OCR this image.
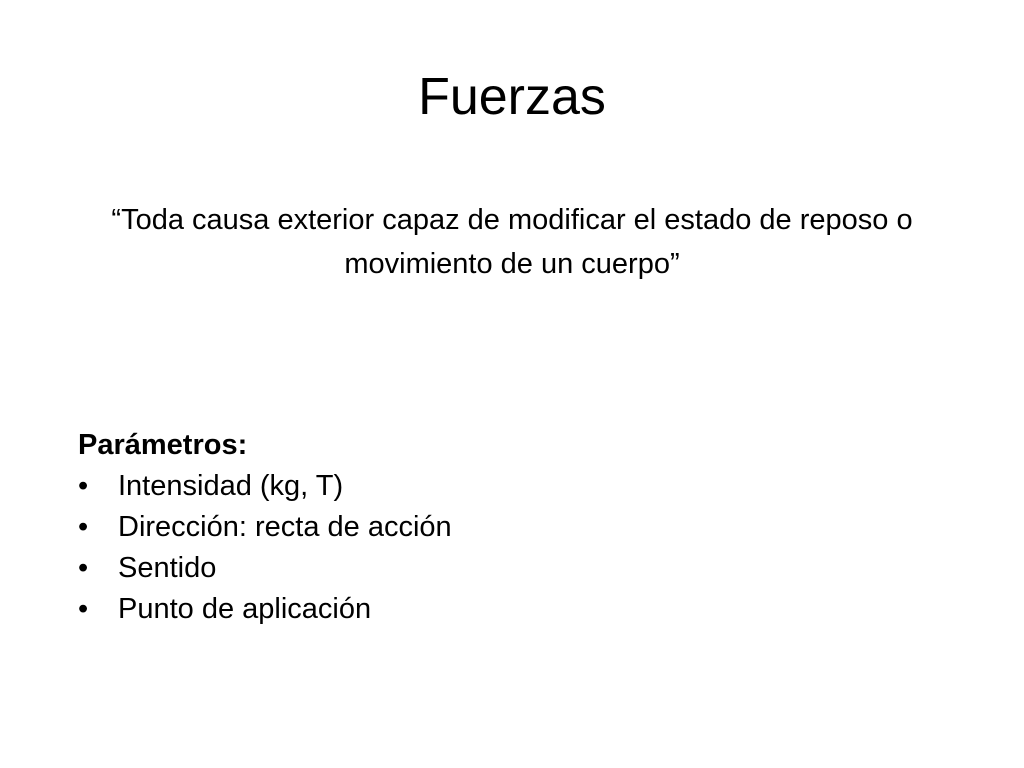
Fuerzas

“Toda causa exterior capaz de modificar el estado de reposo o movimiento de un cuerpo”

Parámetros:

•	Intensidad (kg, T)
•	Dirección: recta de acción
•	Sentido
•	Punto de aplicación
